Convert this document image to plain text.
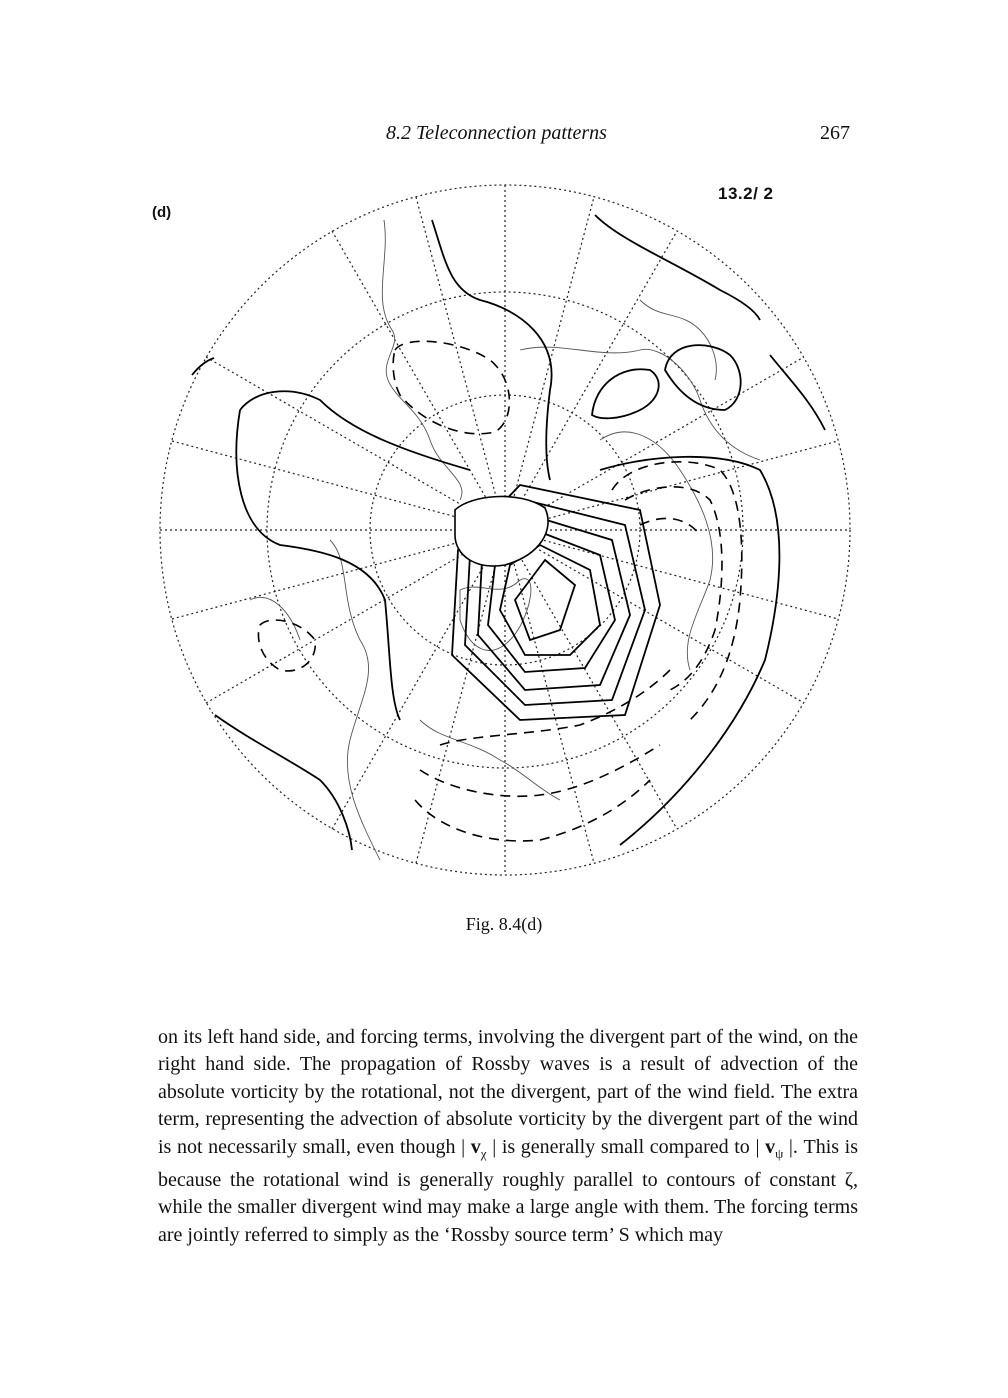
8.2 Teleconnection patterns	267
(d)
13.2/ 2
Fig. 8.4(d)

on its left hand side, and forcing terms, involving the divergent part of the wind, on the right hand side. The propagation of Rossby waves is a result of advection of the absolute vorticity by the rotational, not the divergent, part of the wind field. The extra term, representing the advection of absolute vorticity by the divergent part of the wind is not necessarily small, even though | $v_\chi$ | is generally small compared to | $v_\psi$ |. This is because the rotational wind is generally roughly parallel to contours of constant ζ, while the smaller divergent wind may make a large angle with them. The forcing terms are jointly referred to simply as the ‘Rossby source term’ S which may
